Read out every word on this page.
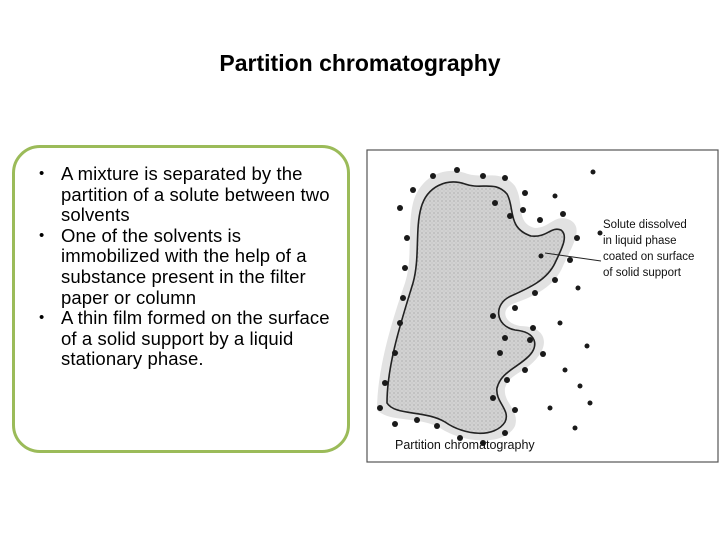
Partition chromatography
• A mixture is separated by the partition of a solute between two solvents
• One of the solvents is immobilized with the help of a substance present in the filter paper or column
• A thin film formed on the surface of a solid support by a liquid stationary phase.
Solute dissolved
in liquid phase
coated on surface
of solid support
Partition chromatography
